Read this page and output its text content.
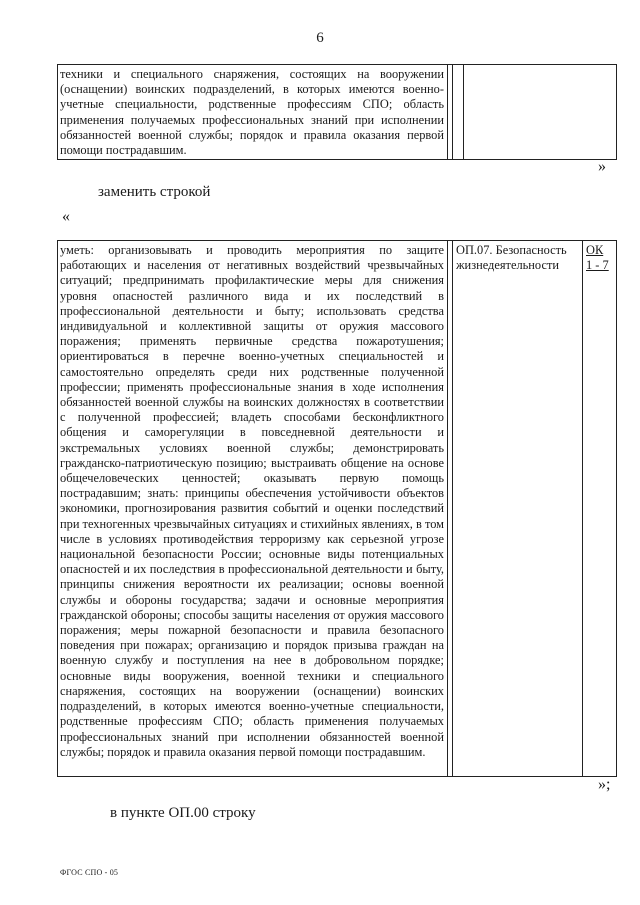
6
техники и специального снаряжения, состоящих на вооружении (оснащении) воинских подразделений, в которых имеются военно-учетные специальности, родственные профессиям СПО; область применения получаемых профессиональных знаний при исполнении обязанностей военной службы; порядок и правила оказания первой помощи пострадавшим.
»
заменить строкой
«
уметь: организовывать и проводить мероприятия по защите работающих и населения от негативных воздействий чрезвычайных ситуаций; предпринимать профилактические меры для снижения уровня опасностей различного вида и их последствий в профессиональной деятельности и быту; использовать средства индивидуальной и коллективной защиты от оружия массового поражения; применять первичные средства пожаротушения; ориентироваться в перечне военно-учетных специальностей и самостоятельно определять среди них родственные полученной профессии; применять профессиональные знания в ходе исполнения обязанностей военной службы на воинских должностях в соответствии с полученной профессией; владеть способами бесконфликтного общения и саморегуляции в повседневной деятельности и экстремальных условиях военной службы; демонстрировать гражданско-патриотическую позицию; выстраивать общение на основе общечеловеческих ценностей; оказывать первую помощь пострадавшим; знать: принципы обеспечения устойчивости объектов экономики, прогнозирования развития событий и оценки последствий при техногенных чрезвычайных ситуациях и стихийных явлениях, в том числе в условиях противодействия терроризму как серьезной угрозе национальной безопасности России; основные виды потенциальных опасностей и их последствия в профессиональной деятельности и быту, принципы снижения вероятности их реализации; основы военной службы и обороны государства; задачи и основные мероприятия гражданской обороны; способы защиты населения от оружия массового поражения; меры пожарной безопасности и правила безопасного поведения при пожарах; организацию и порядок призыва граждан на военную службу и поступления на нее в добровольном порядке; основные виды вооружения, военной техники и специального снаряжения, состоящих на вооружении (оснащении) воинских подразделений, в которых имеются военно-учетные специальности, родственные профессиям СПО; область применения получаемых профессиональных знаний при исполнении обязанностей военной службы; порядок и правила оказания первой помощи пострадавшим.
ОП.07. Безопасность жизнедеятельности
ОК
1 - 7
»;
в пункте ОП.00 строку
ФГОС СПО - 05
